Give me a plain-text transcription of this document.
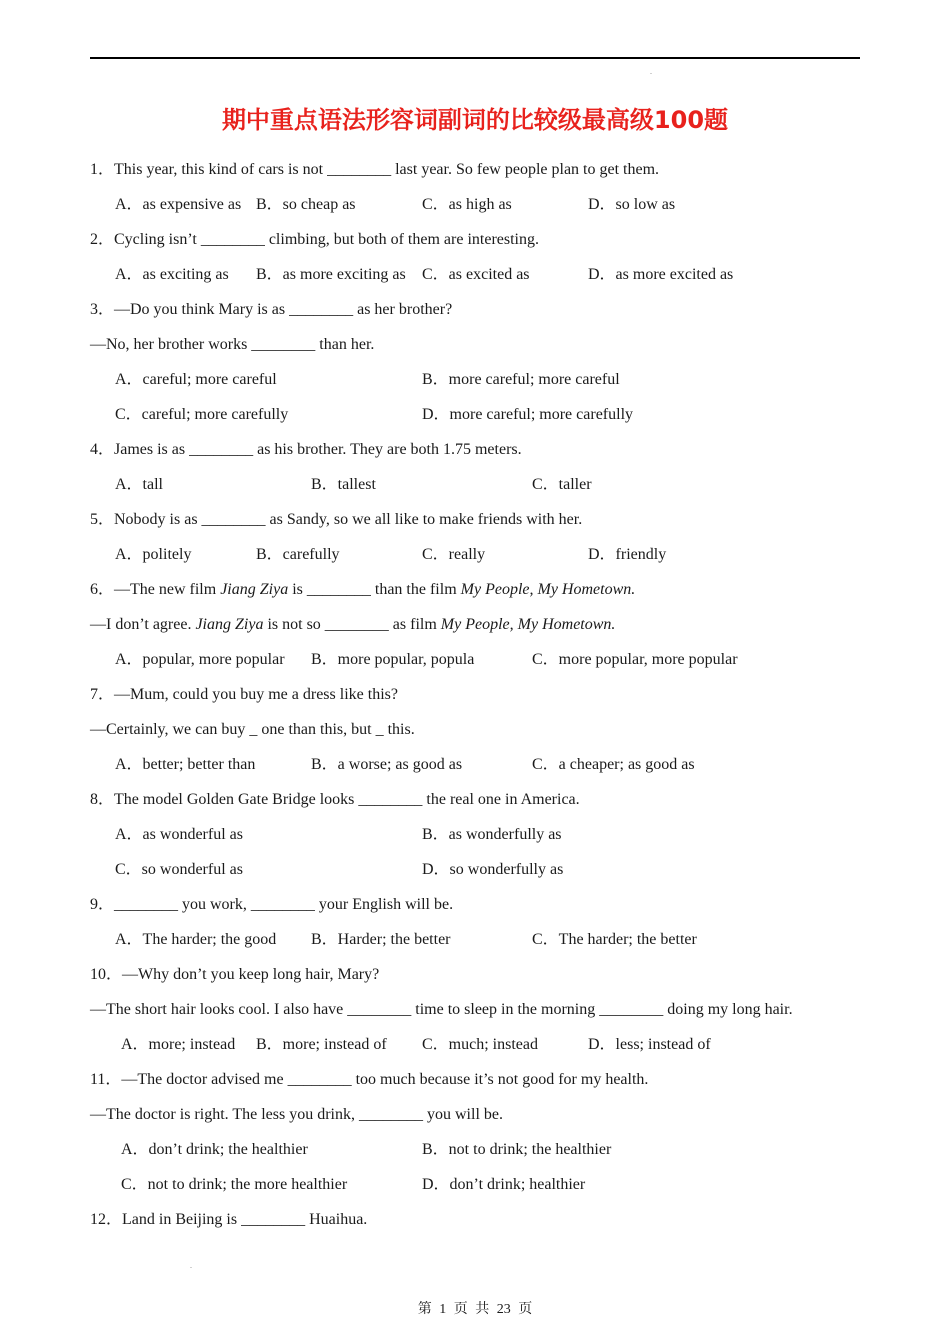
.
期中重点语法形容词副词的比较级最高级100题
1．This year, this kind of cars is not ________ last year. So few people plan to get them.
A．as expensive as B．so cheap as	C．as high as	D．so low as
2．Cycling isn’t ________ climbing, but both of them are interesting.
A．as exciting as B．as more exciting as C．as excited as	D．as more excited as
3．—Do you think Mary is as ________ as her brother?
—No, her brother works ________ than her.
A．careful; more careful	B．more careful; more careful
C．careful; more carefully	D．more careful; more carefully
4．James is as ________ as his brother. They are both 1.75 meters.
A．tall	B．tallest	C．taller
5．Nobody is as ________ as Sandy, so we all like to make friends with her.
A．politely	B．carefully	C．really	D．friendly
6．—The new film Jiang Ziya is ________ than the film My People, My Hometown.
—I don’t agree. Jiang Ziya is not so ________ as film My People, My Hometown.
A．popular, more popular B．more popular, popula	C．more popular, more popular
7．—Mum, could you buy me a dress like this?
—Certainly, we can buy _ one than this, but _ this.
A．better; better than	B．a worse; as good as	C．a cheaper; as good as
8．The model Golden Gate Bridge looks ________ the real one in America.
A．as wonderful as	B．as wonderfully as
C．so wonderful as	D．so wonderfully as
9．________ you work, ________ your English will be.
A．The harder; the good B．Harder; the better	C．The harder; the better
10．—Why don’t you keep long hair, Mary?
—The short hair looks cool. I also have ________ time to sleep in the morning ________ doing my long hair.
A．more; instead B．more; instead of C．much; instead	D．less; instead of
11．—The doctor advised me ________ too much because it’s not good for my health.
—The doctor is right. The less you drink, ________ you will be.
A．don’t drink; the healthier	B．not to drink; the healthier
C．not to drink; the more healthier	D．don’t drink; healthier
12．Land in Beijing is ________ Huaihua.
.
第 1 页 共 23 页
